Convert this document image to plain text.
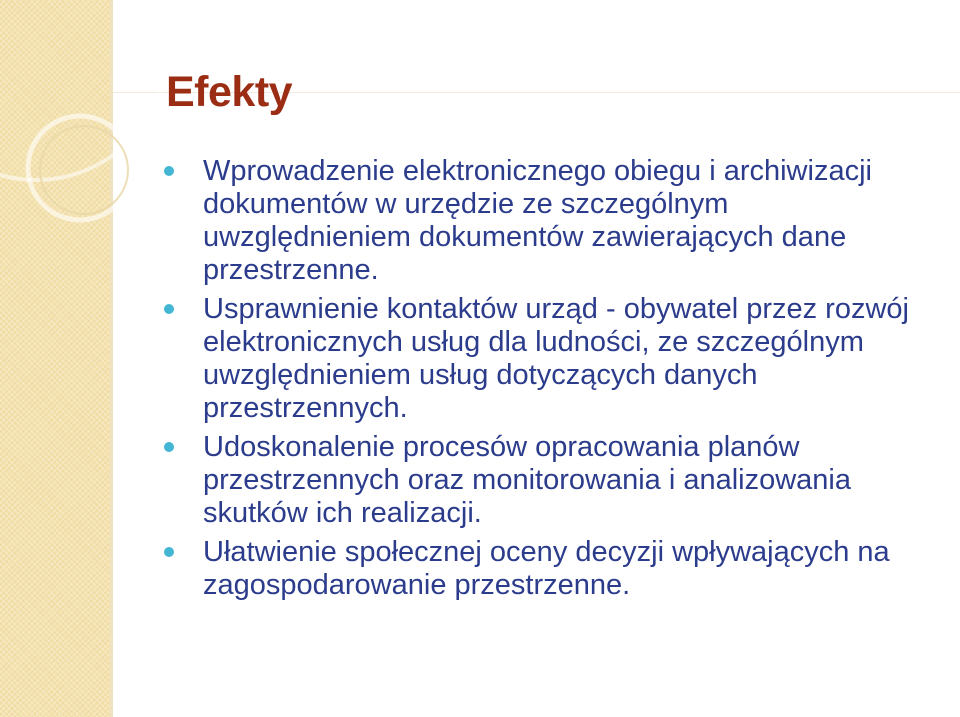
Efekty
Wprowadzenie elektronicznego obiegu i archiwizacji dokumentów w urzędzie ze szczególnym uwzględnieniem dokumentów zawierających dane przestrzenne.
Usprawnienie kontaktów urząd - obywatel przez rozwój elektronicznych usług dla ludności, ze szczególnym uwzględnieniem usług dotyczących danych przestrzennych.
Udoskonalenie procesów opracowania planów przestrzennych oraz monitorowania i analizowania skutków ich realizacji.
Ułatwienie społecznej oceny decyzji wpływających na zagospodarowanie przestrzenne.
